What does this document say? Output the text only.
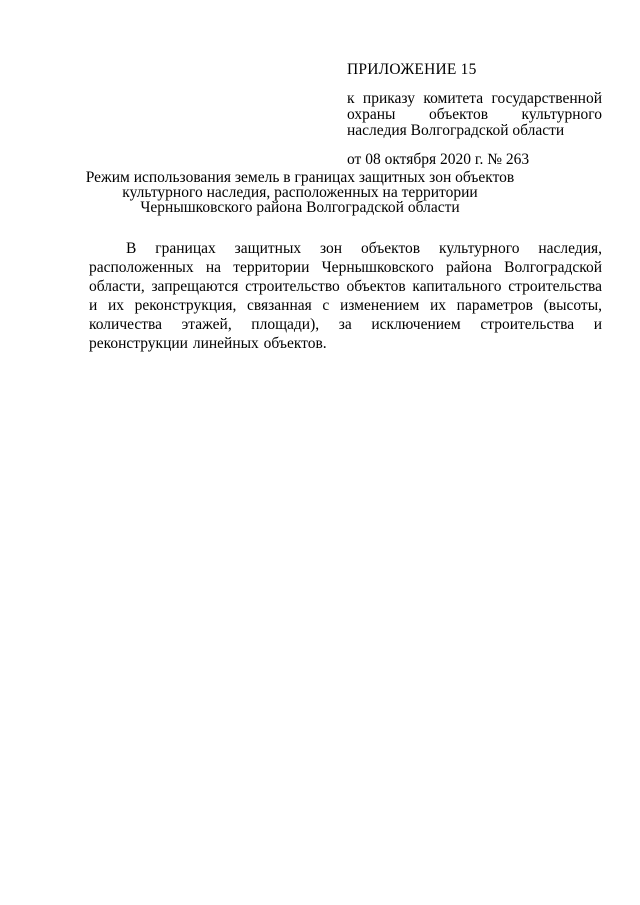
ПРИЛОЖЕНИЕ 15

к приказу комитета государственной охраны объектов культурного наследия Волгоградской области

от 08 октября 2020 г. № 263

Режим использования земель в границах защитных зон объектов культурного наследия, расположенных на территории Чернышковского района Волгоградской области

В границах защитных зон объектов культурного наследия, расположенных на территории Чернышковского района Волгоградской области, запрещаются строительство объектов капитального строительства и их реконструкция, связанная с изменением их параметров (высоты, количества этажей, площади), за исключением строительства и реконструкции линейных объектов.
